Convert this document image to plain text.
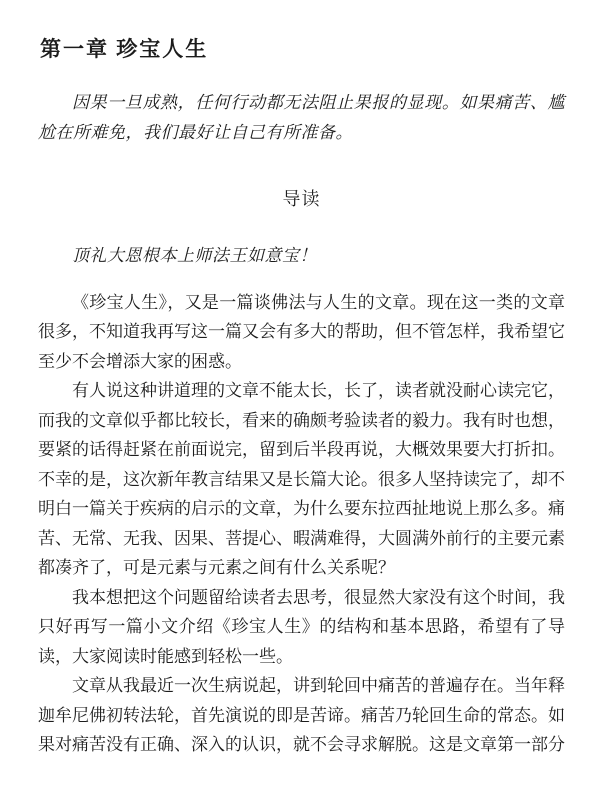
第一章 珍宝人生

因果一旦成熟，任何行动都无法阻止果报的显现。如果痛苦、尴尬在所难免，我们最好让自己有所准备。

导读

顶礼大恩根本上师法王如意宝！

《珍宝人生》，又是一篇谈佛法与人生的文章。现在这一类的文章很多，不知道我再写这一篇又会有多大的帮助，但不管怎样，我希望它至少不会增添大家的困惑。

有人说这种讲道理的文章不能太长，长了，读者就没耐心读完它，而我的文章似乎都比较长，看来的确颇考验读者的毅力。我有时也想，要紧的话得赶紧在前面说完，留到后半段再说，大概效果要大打折扣。不幸的是，这次新年教言结果又是长篇大论。很多人坚持读完了，却不明白一篇关于疾病的启示的文章，为什么要东拉西扯地说上那么多。痛苦、无常、无我、因果、菩提心、暇满难得，大圆满外前行的主要元素都凑齐了，可是元素与元素之间有什么关系呢？

我本想把这个问题留给读者去思考，很显然大家没有这个时间，我只好再写一篇小文介绍《珍宝人生》的结构和基本思路，希望有了导读，大家阅读时能感到轻松一些。

文章从我最近一次生病说起，讲到轮回中痛苦的普遍存在。当年释迦牟尼佛初转法轮，首先演说的即是苦谛。痛苦乃轮回生命的常态。如果对痛苦没有正确、深入的认识，就不会寻求解脱。这是文章第一部分
